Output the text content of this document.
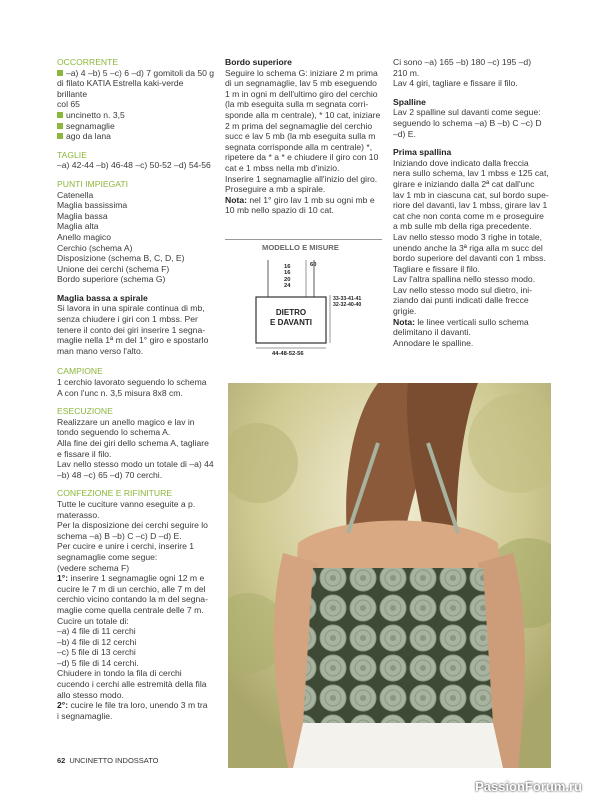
OCCORRENTE

–a) 4 –b) 5 –c) 6 –d) 7 gomitoli da 50 g

di filato KATIA Estrella kaki-verde brillante

col 65

uncinetto n. 3,5

segnamaglie

ago da lana

TAGLIE

–a) 42-44 –b) 46-48 –c) 50-52 –d) 54-56

PUNTI IMPIEGATI

Catenella

Maglia bassissima

Maglia bassa

Maglia alta

Anello magico

Cerchio (schema A)

Disposizione (schema B, C, D, E)

Unione dei cerchi (schema F)

Bordo superiore (schema G)

Maglia bassa a spirale

Si lavora in una spirale continua di mb,

senza chiudere i giri con 1 mbss. Per

tenere il conto dei giri inserire 1 segna-

maglie nella 1ª m del 1° giro e spostarlo

man mano verso l'alto.

CAMPIONE

1 cerchio lavorato seguendo lo schema

A con l'unc n. 3,5 misura 8x8 cm.

ESECUZIONE

Realizzare un anello magico e lav in

tondo seguendo lo schema A.

Alla fine dei giri dello schema A, tagliare

e fissare il filo.

Lav nello stesso modo un totale di –a) 44

–b) 48 –c) 65 –d) 70 cerchi.

CONFEZIONE E RIFINITURE

Tutte le cuciture vanno eseguite a p.

materasso.

Per la disposizione dei cerchi seguire lo

schema –a) B –b) C –c) D –d) E.

Per cucire e unire i cerchi, inserire 1

segnamaglie come segue:

(vedere schema F)

1°: inserire 1 segnamaglie ogni 12 m e

cucire le 7 m di un cerchio, alle 7 m del

cerchio vicino contando la m del segna-

maglie come quella centrale delle 7 m.

Cucire un totale di:

–a) 4 file di 11 cerchi

–b) 4 file di 12 cerchi

–c) 5 file di 13 cerchi

–d) 5 file di 14 cerchi.

Chiudere in tondo la fila di cerchi

cucendo i cerchi alle estremità della fila

allo stesso modo.

2°: cucire le file tra loro, unendo 3 m tra

i segnamaglie.

Bordo superiore

Seguire lo schema G: iniziare 2 m prima

di un segnamaglie, lav 5 mb eseguendo

1 m in ogni m dell'ultimo giro del cerchio

(la mb eseguita sulla m segnata corri-

sponde alla m centrale), * 10 cat, iniziare

2 m prima del segnamaglie del cerchio

succ e lav 5 mb (la mb eseguita sulla m

segnata corrisponde alla m centrale) *,

ripetere da * a * e chiudere il giro con 10

cat e 1 mbss nella mb d'inizio.

Inserire 1 segnamaglie all'inizio del giro.

Proseguire a mb a spirale.

Nota: nel 1° giro lav 1 mb su ogni mb e

10 mb nello spazio di 10 cat.

MODELLO E MISURE
16
16
20
24
60
33-33-41-41
32-32-40-40
DIETRO
E DAVANTI
44-48-52-56

Ci sono –a) 165 –b) 180 –c) 195 –d)

210 m.

Lav 4 giri, tagliare e fissare il filo.

Spalline

Lav 2 spalline sul davanti come segue:

seguendo lo schema –a) B –b) C –c) D

–d) E.

Prima spallina

Iniziando dove indicato dalla freccia

nera sullo schema, lav 1 mbss e 125 cat,

girare e iniziando dalla 2ª cat dall'unc

lav 1 mb in ciascuna cat, sul bordo supe-

riore del davanti, lav 1 mbss, girare lav 1

cat che non conta come m e proseguire

a mb sulle mb della riga precedente.

Lav nello stesso modo 3 righe in totale,

unendo anche la 3ª riga alla m succ del

bordo superiore del davanti con 1 mbss.

Tagliare e fissare il filo.

Lav l'altra spallina nello stesso modo.

Lav nello stesso modo sul dietro, ini-

ziando dai punti indicati dalle frecce

grigie.

Nota: le linee verticali sullo schema

delimitano il davanti.

Annodare le spalline.

62 UNCINETTO INDOSSATO
PassionForum.ru
